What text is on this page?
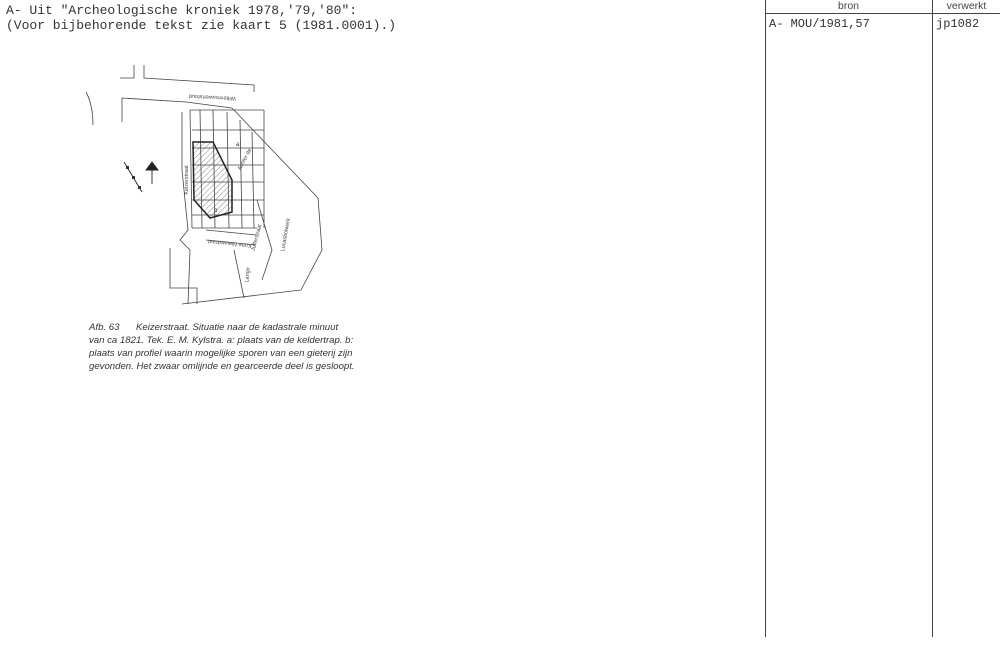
A- Uit "Archeologische kroniek 1978,'79,'80":
(Voor bijbehorende tekst zie kaart 5 (1981.0001).)
Wittevrouwenstraat
Keizerstraat
Achter de
Korte Nieuwstraat
Jufferstraat	Lucasbolwerk
Lange
a
b
Afb. 63 Keizerstraat. Situatie naar de kadastrale minuut van ca 1821. Tek. E. M. Kylstra. a: plaats van de keldertrap. b: plaats van profiel waarin mogelijke sporen van een gieterij zijn gevonden. Het zwaar omlijnde en gearceerde deel is gesloopt.
bron	verwerkt
A- MOU/1981,57	jp1082
